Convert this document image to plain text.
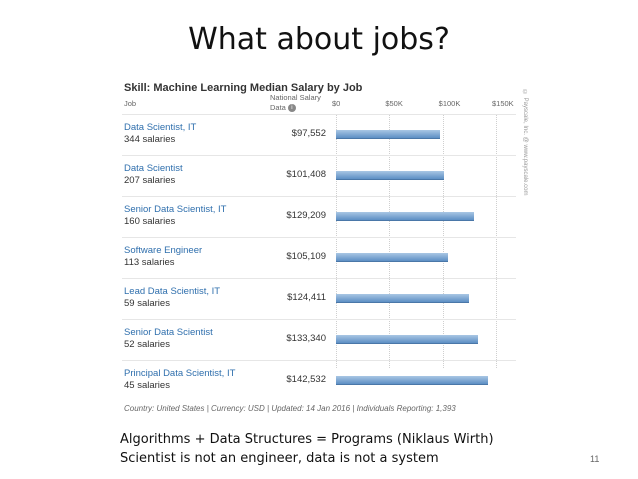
What about jobs?
Skill: Machine Learning Median Salary by Job
Job
National Salary Data i	© Payscale, Inc. @ www.payscale.com
Country: United States | Currency: USD | Updated: 14 Jan 2016 | Individuals Reporting: 1,393
$0	$50K	$100K	$150K
Data Scientist, IT
344 salaries
$97,552
Data Scientist
207 salaries
$101,408
Senior Data Scientist, IT
160 salaries
$129,209
Software Engineer
113 salaries
$105,109
Lead Data Scientist, IT
59 salaries
$124,411
Senior Data Scientist
52 salaries
$133,340
Principal Data Scientist, IT
45 salaries
$142,532
Algorithms + Data Structures = Programs (Niklaus Wirth)
Scientist is not an engineer, data is not a system	11
